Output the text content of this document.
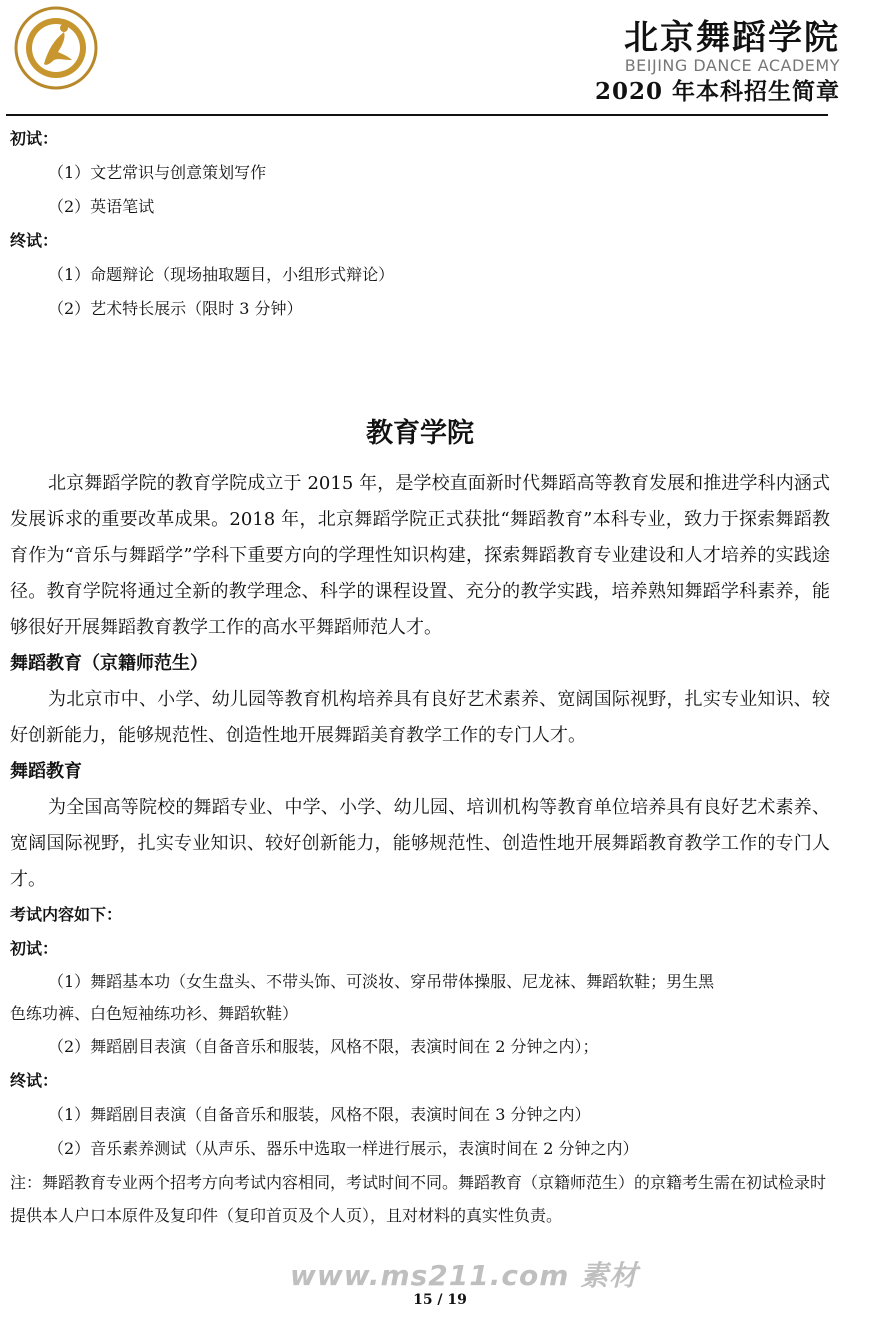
北京舞蹈学院
BEIJING DANCE ACADEMY
2020 年本科招生简章
初试：
（1）文艺常识与创意策划写作
（2）英语笔试
终试：
（1）命题辩论（现场抽取题目，小组形式辩论）
（2）艺术特长展示（限时 3 分钟）
教育学院

北京舞蹈学院的教育学院成立于 2015 年，是学校直面新时代舞蹈高等教育发展和推进学科内涵式发展诉求的重要改革成果。2018 年，北京舞蹈学院正式获批“舞蹈教育”本科专业，致力于探索舞蹈教育作为“音乐与舞蹈学”学科下重要方向的学理性知识构建，探索舞蹈教育专业建设和人才培养的实践途径。教育学院将通过全新的教学理念、科学的课程设置、充分的教学实践，培养熟知舞蹈学科素养，能够很好开展舞蹈教育教学工作的高水平舞蹈师范人才。

舞蹈教育（京籍师范生）

为北京市中、小学、幼儿园等教育机构培养具有良好艺术素养、宽阔国际视野，扎实专业知识、较好创新能力，能够规范性、创造性地开展舞蹈美育教学工作的专门人才。

舞蹈教育

为全国高等院校的舞蹈专业、中学、小学、幼儿园、培训机构等教育单位培养具有良好艺术素养、宽阔国际视野，扎实专业知识、较好创新能力，能够规范性、创造性地开展舞蹈教育教学工作的专门人才。

考试内容如下：
初试：
（1）舞蹈基本功（女生盘头、不带头饰、可淡妆、穿吊带体操服、尼龙袜、舞蹈软鞋；男生黑
色练功裤、白色短袖练功衫、舞蹈软鞋）
（2）舞蹈剧目表演（自备音乐和服装，风格不限，表演时间在 2 分钟之内）；
终试：
（1）舞蹈剧目表演（自备音乐和服装，风格不限，表演时间在 3 分钟之内）
（2）音乐素养测试（从声乐、器乐中选取一样进行展示，表演时间在 2 分钟之内）

注：舞蹈教育专业两个招考方向考试内容相同，考试时间不同。舞蹈教育（京籍师范生）的京籍考生需在初试检录时提供本人户口本原件及复印件（复印首页及个人页），且对材料的真实性负责。

www.ms211.com 素材
15 / 19
